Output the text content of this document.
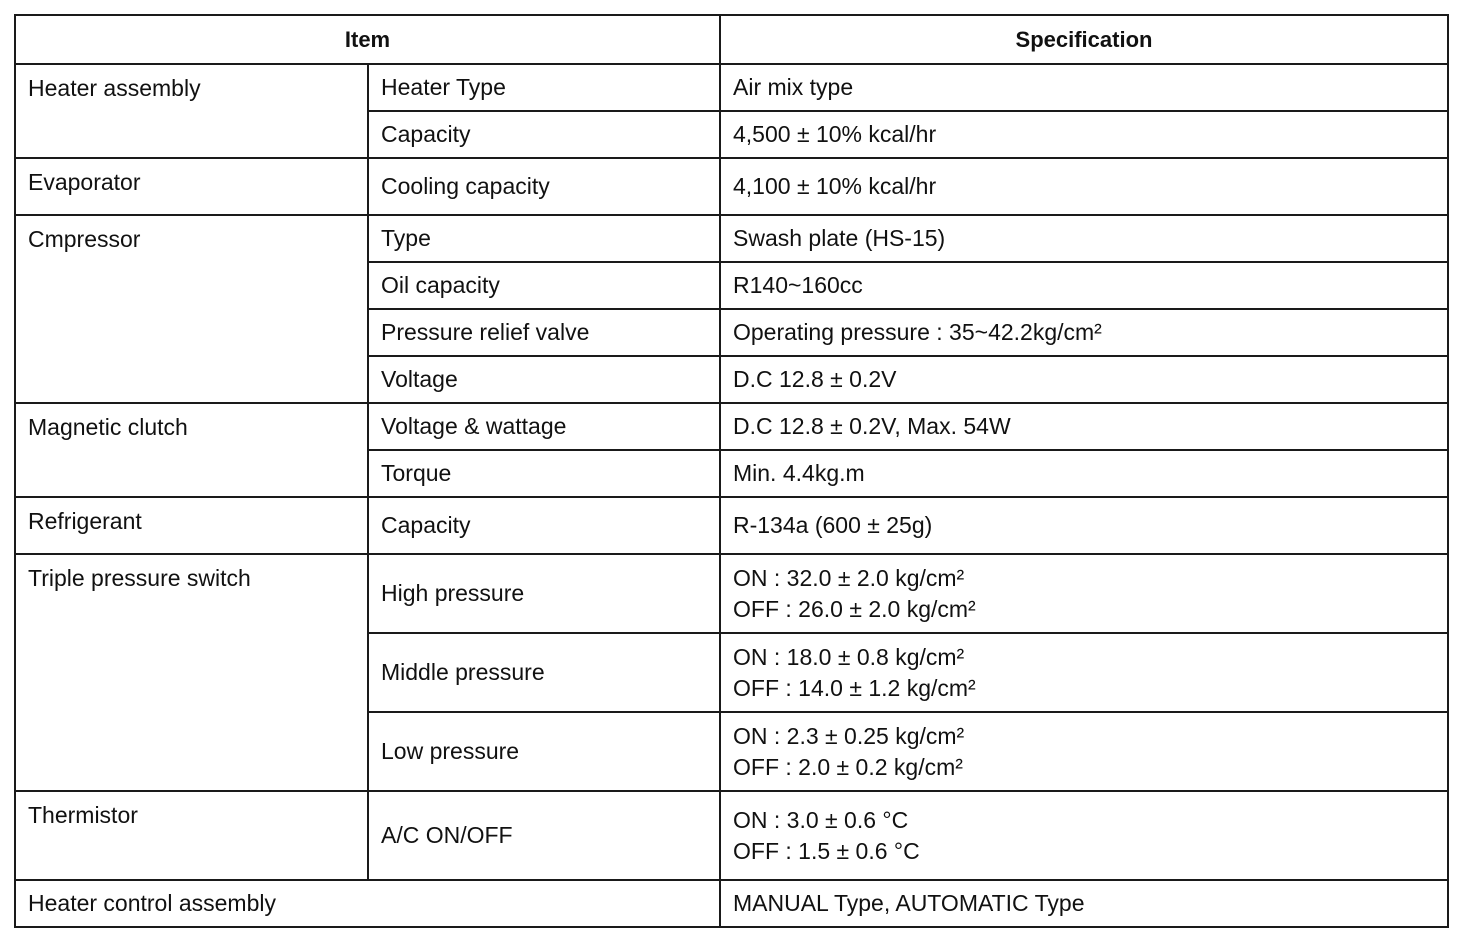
Item		Specification
Heater assembly	Heater Type	Air mix type
	Capacity	4,500 ± 10% kcal/hr
Evaporator	Cooling capacity	4,100 ± 10% kcal/hr
Cmpressor	Type	Swash plate (HS-15)
	Oil capacity	R140~160cc
	Pressure relief valve	Operating pressure : 35~42.2kg/cm²
	Voltage	D.C 12.8 ± 0.2V
Magnetic clutch	Voltage & wattage	D.C 12.8 ± 0.2V, Max. 54W
	Torque	Min. 4.4kg.m
Refrigerant	Capacity	R-134a (600 ± 25g)
Triple pressure switch	High pressure	ON : 32.0 ± 2.0 kg/cm²
OFF : 26.0 ± 2.0 kg/cm²

	Middle pressure	ON : 18.0 ± 0.8 kg/cm²
OFF : 14.0 ± 1.2 kg/cm²

	Low pressure	ON : 2.3 ± 0.25 kg/cm²
OFF : 2.0 ± 0.2 kg/cm²

Thermistor	A/C ON/OFF	ON : 3.0 ± 0.6 °C
OFF : 1.5 ± 0.6 °C

Heater control assembly		MANUAL Type, AUTOMATIC Type
